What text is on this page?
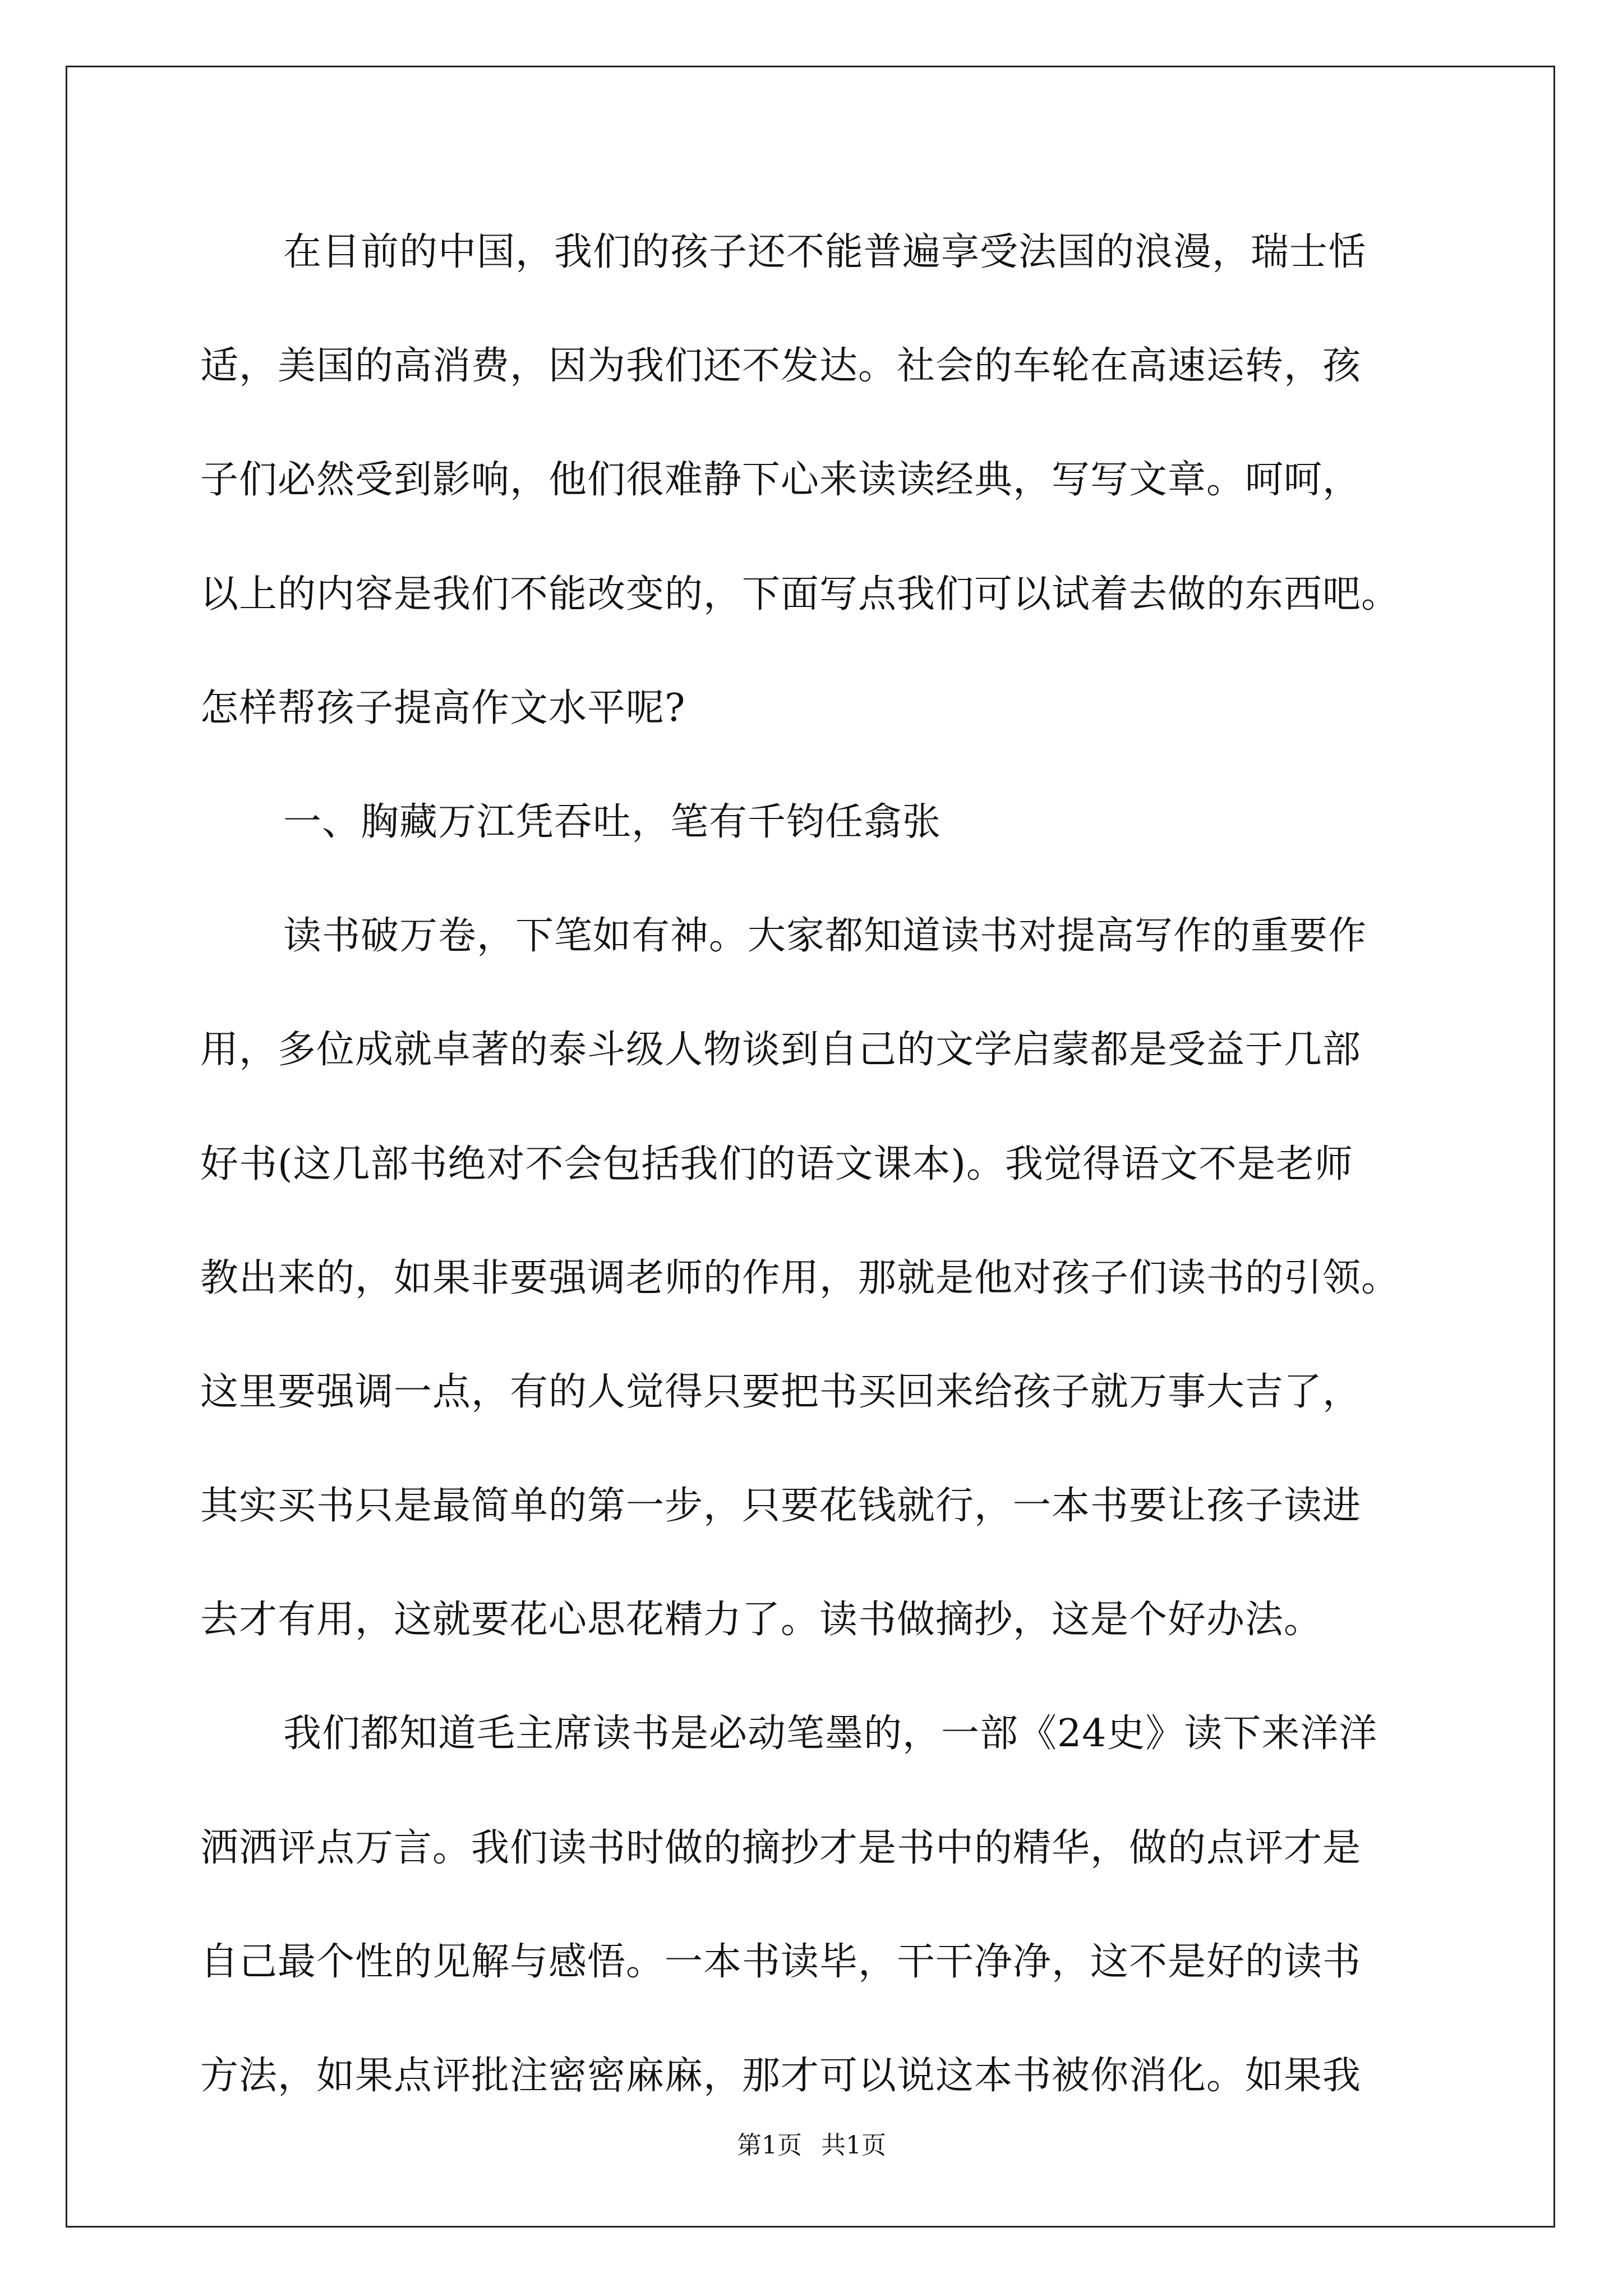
在目前的中国，我们的孩子还不能普遍享受法国的浪漫，瑞士恬
适，美国的高消费，因为我们还不发达。社会的车轮在高速运转，孩
子们必然受到影响，他们很难静下心来读读经典，写写文章。呵呵，
以上的内容是我们不能改变的，下面写点我们可以试着去做的东西吧。
怎样帮孩子提高作文水平呢?
一、胸藏万江凭吞吐，笔有千钧任翕张
读书破万卷，下笔如有神。大家都知道读书对提高写作的重要作
用，多位成就卓著的泰斗级人物谈到自己的文学启蒙都是受益于几部
好书(这几部书绝对不会包括我们的语文课本)。我觉得语文不是老师
教出来的，如果非要强调老师的作用，那就是他对孩子们读书的引领。
这里要强调一点，有的人觉得只要把书买回来给孩子就万事大吉了，
其实买书只是最简单的第一步，只要花钱就行，一本书要让孩子读进
去才有用，这就要花心思花精力了。读书做摘抄，这是个好办法。
我们都知道毛主席读书是必动笔墨的，一部《24史》读下来洋洋
洒洒评点万言。我们读书时做的摘抄才是书中的精华，做的点评才是
自己最个性的见解与感悟。一本书读毕，干干净净，这不是好的读书
方法，如果点评批注密密麻麻，那才可以说这本书被你消化。如果我
第1页 共1页
